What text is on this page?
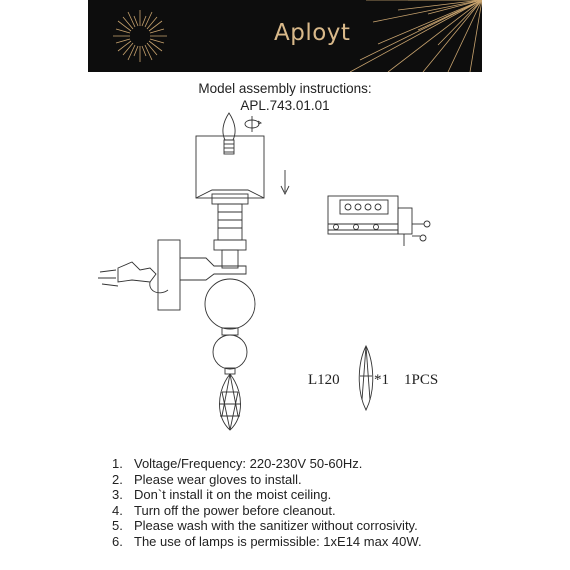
Aployt
Model assembly instructions:
APL.743.01.01
L120 *1 1PCS
1. Voltage/Frequency: 220-230V 50-60Hz.
2. Please wear gloves to install.
3. Don`t install it on the moist ceiling.
4. Turn off the power before cleanout.
5. Please wash with the sanitizer without corrosivity.
6. The use of lamps is permissible: 1xE14 max 40W.
